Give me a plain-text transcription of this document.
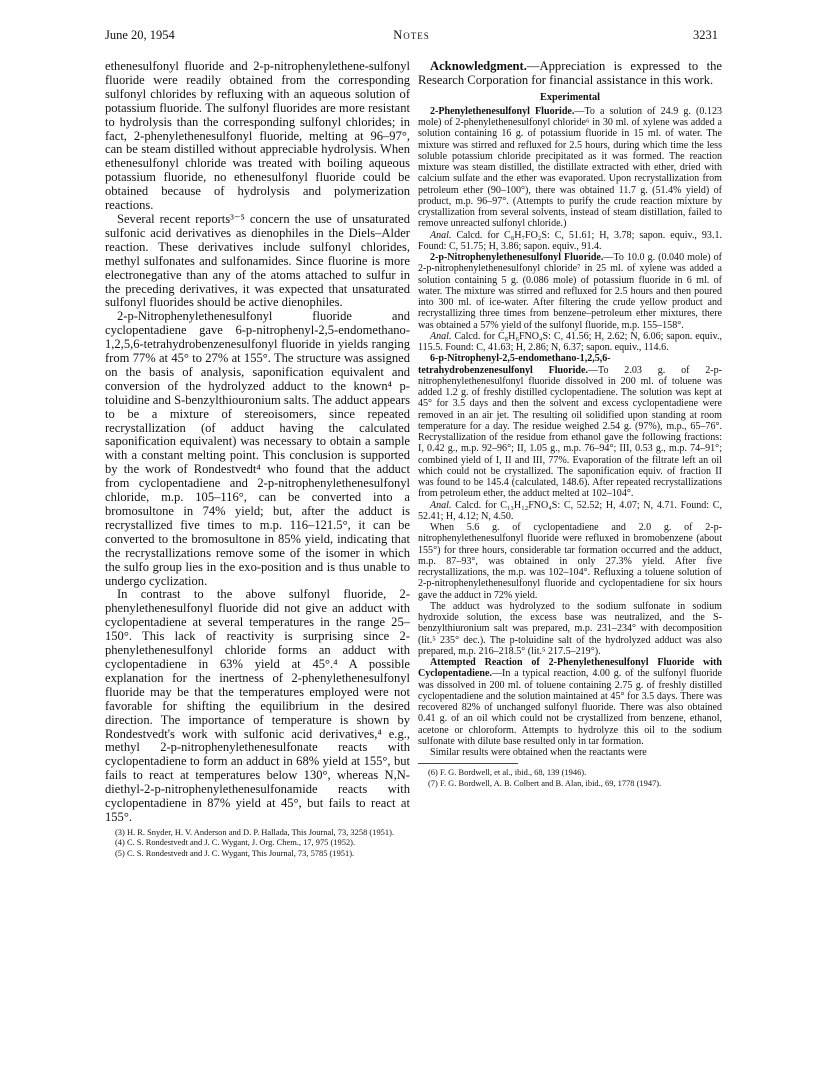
June 20, 1954	Notes	3231

ethenesulfonyl fluoride and 2-p-nitrophenylethene-sulfonyl fluoride were readily obtained from the corresponding sulfonyl chlorides by refluxing with an aqueous solution of potassium fluoride. The sulfonyl fluorides are more resistant to hydrolysis than the corresponding sulfonyl chlorides; in fact, 2-phenylethenesulfonyl fluoride, melting at 96–97°, can be steam distilled without appreciable hydrolysis. When ethenesulfonyl chloride was treated with boiling aqueous potassium fluoride, no ethenesulfonyl fluoride could be obtained because of hydrolysis and polymerization reactions.

Several recent reports³⁻⁵ concern the use of unsaturated sulfonic acid derivatives as dienophiles in the Diels–Alder reaction. These derivatives include sulfonyl chlorides, methyl sulfonates and sulfonamides. Since fluorine is more electronegative than any of the atoms attached to sulfur in the preceding derivatives, it was expected that unsaturated sulfonyl fluorides should be active dienophiles.

2-p-Nitrophenylethenesulfonyl fluoride and cyclopentadiene gave 6-p-nitrophenyl-2,5-endomethano-1,2,5,6-tetrahydrobenzenesulfonyl fluoride in yields ranging from 77% at 45° to 27% at 155°. The structure was assigned on the basis of analysis, saponification equivalent and conversion of the hydrolyzed adduct to the known⁴ p-toluidine and S-benzylthiouronium salts. The adduct appears to be a mixture of stereoisomers, since repeated recrystallization (of adduct having the calculated saponification equivalent) was necessary to obtain a sample with a constant melting point. This conclusion is supported by the work of Rondestvedt⁴ who found that the adduct from cyclopentadiene and 2-p-nitrophenylethenesulfonyl chloride, m.p. 105–116°, can be converted into a bromosultone in 74% yield; but, after the adduct is recrystallized five times to m.p. 116–121.5°, it can be converted to the bromosultone in 85% yield, indicating that the recrystallizations remove some of the isomer in which the sulfo group lies in the exo-position and is thus unable to undergo cyclization.

In contrast to the above sulfonyl fluoride, 2-phenylethenesulfonyl fluoride did not give an adduct with cyclopentadiene at several temperatures in the range 25–150°. This lack of reactivity is surprising since 2-phenylethenesulfonyl chloride forms an adduct with cyclopentadiene in 63% yield at 45°.⁴ A possible explanation for the inertness of 2-phenylethenesulfonyl fluoride may be that the temperatures employed were not favorable for shifting the equilibrium in the desired direction. The importance of temperature is shown by Rondestvedt's work with sulfonic acid derivatives,⁴ e.g., methyl 2-p-nitrophenylethenesulfonate reacts with cyclopentadiene to form an adduct in 68% yield at 155°, but fails to react at temperatures below 130°, whereas N,N-diethyl-2-p-nitrophenylethenesulfonamide reacts with cyclopentadiene in 87% yield at 45°, but fails to react at 155°.

(3) H. R. Snyder, H. V. Anderson and D. P. Hallada, This Journal, 73, 3258 (1951).

(4) C. S. Rondestvedt and J. C. Wygant, J. Org. Chem., 17, 975 (1952).

(5) C. S. Rondestvedt and J. C. Wygant, This Journal, 73, 5785 (1951).

Acknowledgment.—Appreciation is expressed to the Research Corporation for financial assistance in this work.

Experimental

2-Phenylethenesulfonyl Fluoride.—To a solution of 24.9 g. (0.123 mole) of 2-phenylethenesulfonyl chloride⁶ in 30 ml. of xylene was added a solution containing 16 g. of potassium fluoride in 15 ml. of water. The mixture was stirred and refluxed for 2.5 hours, during which time the less soluble potassium chloride precipitated as it was formed. The reaction mixture was steam distilled, the distillate extracted with ether, dried with calcium sulfate and the ether was evaporated. Upon recrystallization from petroleum ether (90–100°), there was obtained 11.7 g. (51.4% yield) of product, m.p. 96–97°. (Attempts to purify the crude reaction mixture by crystallization from several solvents, instead of steam distillation, failed to remove unreacted sulfonyl chloride.)

Anal. Calcd. for C₈H₇FO₂S: C, 51.61; H, 3.78; sapon. equiv., 93.1. Found: C, 51.75; H, 3.86; sapon. equiv., 91.4.

2-p-Nitrophenylethenesulfonyl Fluoride.—To 10.0 g. (0.040 mole) of 2-p-nitrophenylethenesulfonyl chloride⁷ in 25 ml. of xylene was added a solution containing 5 g. (0.086 mole) of potassium fluoride in 6 ml. of water. The mixture was stirred and refluxed for 2.5 hours and then poured into 300 ml. of ice-water. After filtering the crude yellow product and recrystallizing three times from benzene–petroleum ether mixtures, there was obtained a 57% yield of the sulfonyl fluoride, m.p. 155–158°.

Anal. Calcd. for C₈H₆FNO₄S: C, 41.56; H, 2.62; N, 6.06; sapon. equiv., 115.5. Found: C, 41.63; H, 2.86; N, 6.37; sapon. equiv., 114.6.

6-p-Nitrophenyl-2,5-endomethano-1,2,5,6-tetrahydrobenzenesulfonyl Fluoride.—To 2.03 g. of 2-p-nitrophenylethenesulfonyl fluoride dissolved in 200 ml. of toluene was added 1.2 g. of freshly distilled cyclopentadiene. The solution was kept at 45° for 3.5 days and then the solvent and excess cyclopentadiene were removed in an air jet. The resulting oil solidified upon standing at room temperature for a day. The residue weighed 2.54 g. (97%), m.p., 65–76°. Recrystallization of the residue from ethanol gave the following fractions: I, 0.42 g., m.p. 92–96°; II, 1.05 g., m.p. 76–94°; III, 0.53 g., m.p. 74–91°; combined yield of I, II and III, 77%. Evaporation of the filtrate left an oil which could not be crystallized. The saponification equiv. of fraction II was found to be 145.4 (calculated, 148.6). After repeated recrystallizations from petroleum ether, the adduct melted at 102–104°.

Anal. Calcd. for C₁₃H₁₂FNO₄S: C, 52.52; H, 4.07; N, 4.71. Found: C, 52.41; H, 4.12; N, 4.50.

When 5.6 g. of cyclopentadiene and 2.0 g. of 2-p-nitrophenylethenesulfonyl fluoride were refluxed in bromobenzene (about 155°) for three hours, considerable tar formation occurred and the adduct, m.p. 87–93°, was obtained in only 27.3% yield. After five recrystallizations, the m.p. was 102–104°. Refluxing a toluene solution of 2-p-nitrophenylethenesulfonyl fluoride and cyclopentadiene for six hours gave the adduct in 72% yield.

The adduct was hydrolyzed to the sodium sulfonate in sodium hydroxide solution, the excess base was neutralized, and the S-benzylthiuronium salt was prepared, m.p. 231–234° with decomposition (lit.⁵ 235° dec.). The p-toluidine salt of the hydrolyzed adduct was also prepared, m.p. 216–218.5° (lit.⁵ 217.5–219°).

Attempted Reaction of 2-Phenylethenesulfonyl Fluoride with Cyclopentadiene.—In a typical reaction, 4.00 g. of the sulfonyl fluoride was dissolved in 200 ml. of toluene containing 2.75 g. of freshly distilled cyclopentadiene and the solution maintained at 45° for 3.5 days. There was recovered 82% of unchanged sulfonyl fluoride. There was also obtained 0.41 g. of an oil which could not be crystallized from benzene, ethanol, acetone or chloroform. Attempts to hydrolyze this oil to the sodium sulfonate with dilute base resulted only in tar formation.

Similar results were obtained when the reactants were

(6) F. G. Bordwell, et al., ibid., 68, 139 (1946).

(7) F. G. Bordwell, A. B. Colbert and B. Alan, ibid., 69, 1778 (1947).
